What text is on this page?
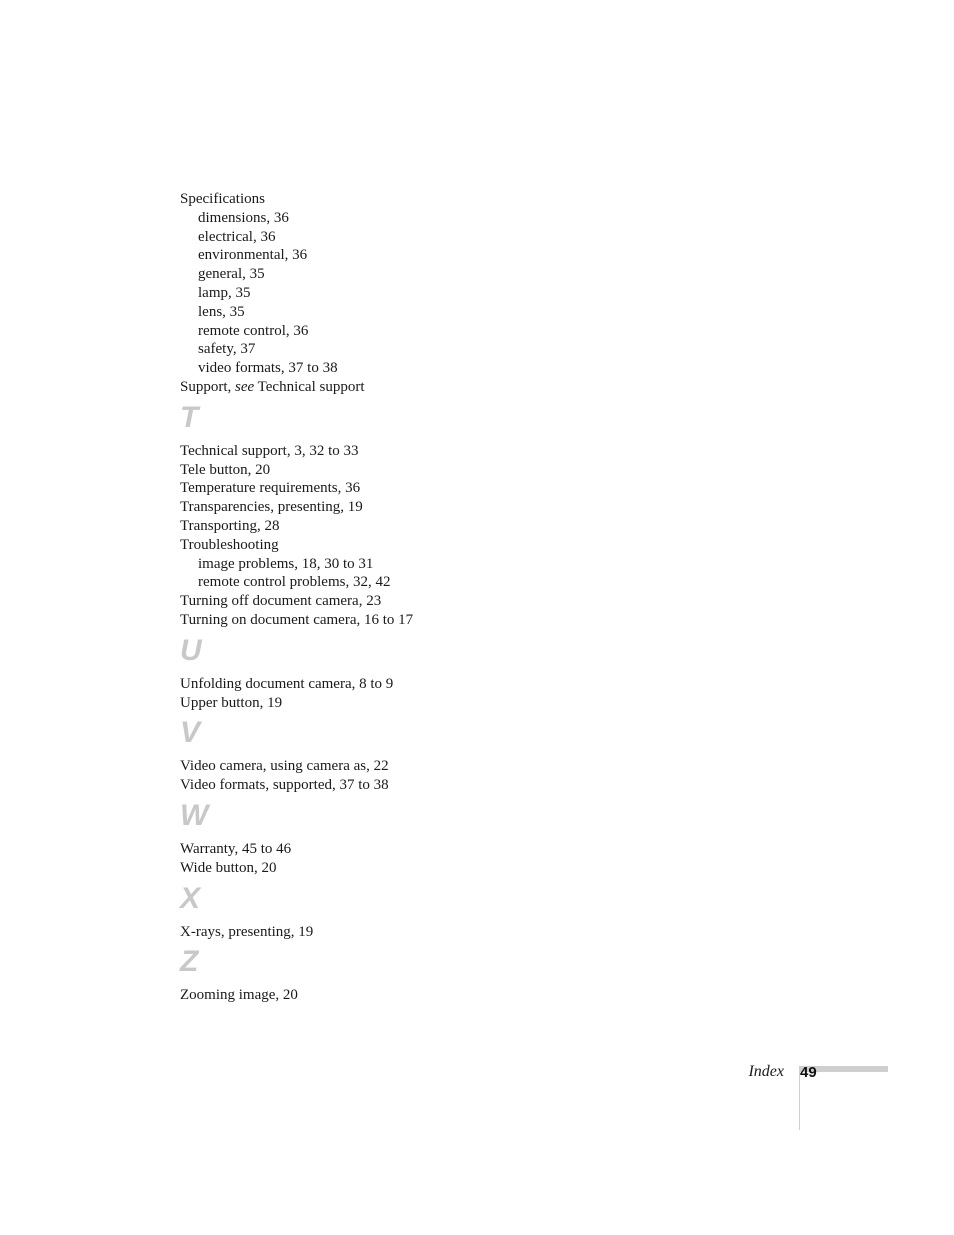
Specifications
dimensions, 36
electrical, 36
environmental, 36
general, 35
lamp, 35
lens, 35
remote control, 36
safety, 37
video formats, 37 to 38
Support, see Technical support
T
Technical support, 3, 32 to 33
Tele button, 20
Temperature requirements, 36
Transparencies, presenting, 19
Transporting, 28
Troubleshooting
image problems, 18, 30 to 31
remote control problems, 32, 42
Turning off document camera, 23
Turning on document camera, 16 to 17
U
Unfolding document camera, 8 to 9
Upper button, 19
V
Video camera, using camera as, 22
Video formats, supported, 37 to 38
W
Warranty, 45 to 46
Wide button, 20
X
X-rays, presenting, 19
Z
Zooming image, 20
Index 49
